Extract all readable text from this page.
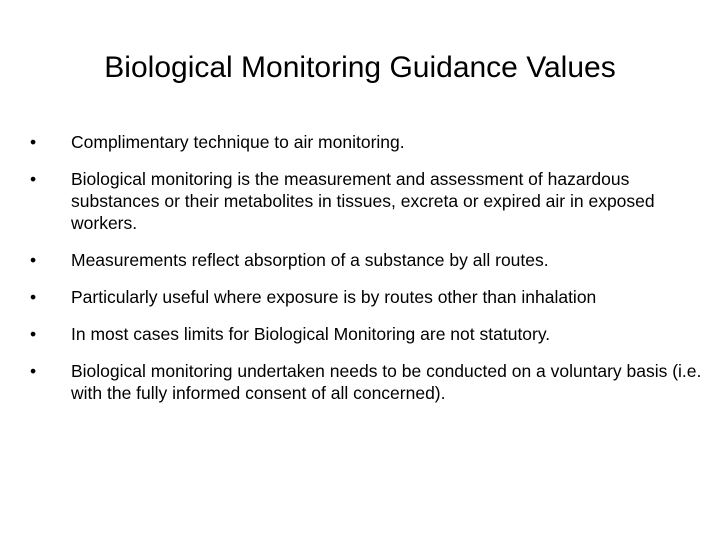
Biological Monitoring Guidance Values
• Complimentary technique to air monitoring.
• Biological monitoring is the measurement and assessment of hazardous substances or their metabolites in tissues, excreta or expired air in exposed workers.
• Measurements reflect absorption of a substance by all routes.
• Particularly useful where exposure is by routes other than inhalation
• In most cases limits for Biological Monitoring are not statutory.
• Biological monitoring undertaken needs to be conducted on a voluntary basis (i.e. with the fully informed consent of all concerned).
